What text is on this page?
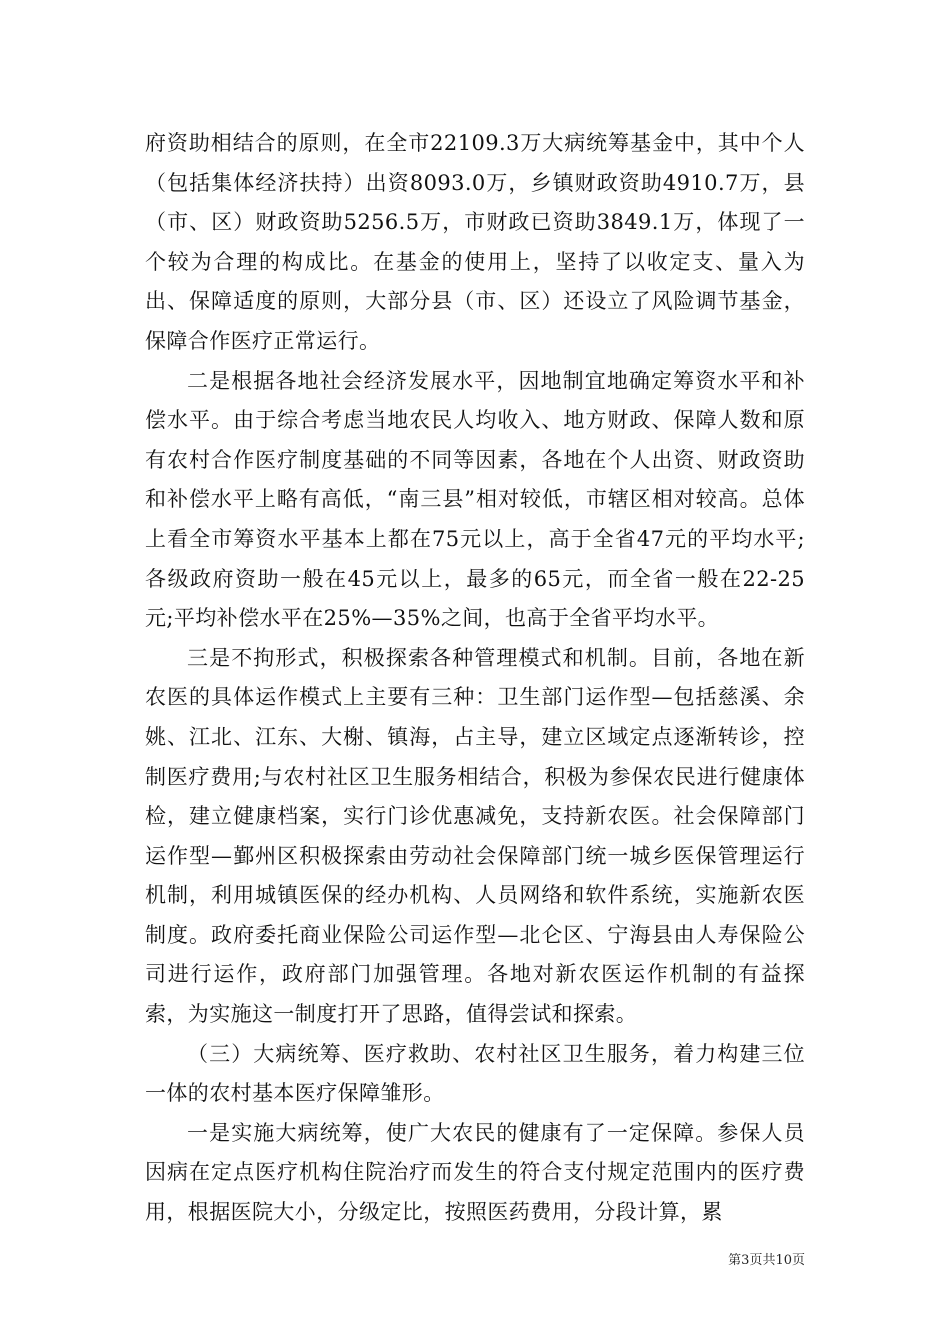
府资助相结合的原则，在全市22109.3万大病统筹基金中，其中个人（包括集体经济扶持）出资8093.0万，乡镇财政资助4910.7万，县（市、区）财政资助5256.5万，市财政已资助3849.1万，体现了一个较为合理的构成比。在基金的使用上，坚持了以收定支、量入为出、保障适度的原则，大部分县（市、区）还设立了风险调节基金，保障合作医疗正常运行。

二是根据各地社会经济发展水平，因地制宜地确定筹资水平和补偿水平。由于综合考虑当地农民人均收入、地方财政、保障人数和原有农村合作医疗制度基础的不同等因素，各地在个人出资、财政资助和补偿水平上略有高低，“南三县”相对较低，市辖区相对较高。总体上看全市筹资水平基本上都在75元以上，高于全省47元的平均水平;各级政府资助一般在45元以上，最多的65元，而全省一般在22-25元;平均补偿水平在25%—35%之间，也高于全省平均水平。

三是不拘形式，积极探索各种管理模式和机制。目前，各地在新农医的具体运作模式上主要有三种：卫生部门运作型—包括慈溪、余姚、江北、江东、大榭、镇海，占主导，建立区域定点逐渐转诊，控制医疗费用;与农村社区卫生服务相结合，积极为参保农民进行健康体检，建立健康档案，实行门诊优惠减免，支持新农医。社会保障部门运作型—鄞州区积极探索由劳动社会保障部门统一城乡医保管理运行机制，利用城镇医保的经办机构、人员网络和软件系统，实施新农医制度。政府委托商业保险公司运作型—北仑区、宁海县由人寿保险公司进行运作，政府部门加强管理。各地对新农医运作机制的有益探索，为实施这一制度打开了思路，值得尝试和探索。

（三）大病统筹、医疗救助、农村社区卫生服务，着力构建三位一体的农村基本医疗保障雏形。

一是实施大病统筹，使广大农民的健康有了一定保障。参保人员因病在定点医疗机构住院治疗而发生的符合支付规定范围内的医疗费用，根据医院大小，分级定比，按照医药费用，分段计算，累

第3页共10页
